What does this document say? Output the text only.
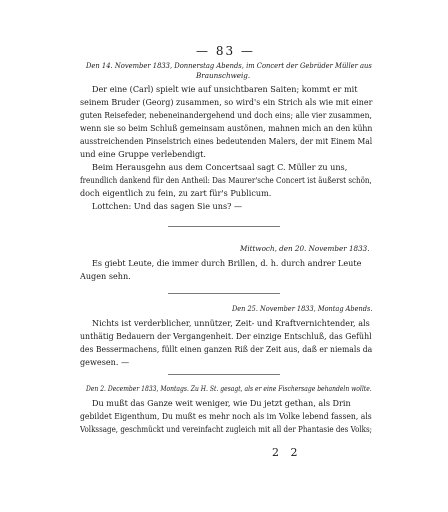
— 83 —
Den 14. November 1833, Donnerstag Abends, im Concert der Gebrüder Müller aus
Braunschweig.
Der eine (Carl) spielt wie auf unsichtbaren Saiten; kommt er mit
seinem Bruder (Georg) zusammen, so wird's ein Strich als wie mit einer
guten Reisefeder, nebeneinandergehend und doch eins; alle vier zusammen,
wenn sie so beim Schluß gemeinsam austönen, mahnen mich an den kühn
ausstreichenden Pinselstrich eines bedeutenden Malers, der mit Einem Mal
und eine Gruppe verlebendigt.
Beim Herausgehn aus dem Concertsaal sagt C. Müller zu uns,
freundlich dankend für den Antheil: Das Maurer'sche Concert ist äußerst schön,
doch eigentlich zu fein, zu zart für's Publicum.
Lottchen: Und das sagen Sie uns? —
Mittwoch, den 20. November 1833.
Es giebt Leute, die immer durch Brillen, d. h. durch andrer Leute
Augen sehn.
Den 25. November 1833, Montag Abends.
Nichts ist verderblicher, unnützer, Zeit- und Kraftvernichtender, als
unthätig Bedauern der Vergangenheit. Der einzige Entschluß, das Gefühl
des Bessermachens, füllt einen ganzen Riß der Zeit aus, daß er niemals da
gewesen. —
Den 2. December 1833, Montags. Zu H. St. gesagt, als er eine Fischersage behandeln wollte.
Du mußt das Ganze weit weniger, wie Du jetzt gethan, als Drin
gebildet Eigenthum, Du mußt es mehr noch als im Volke lebend fassen, als
Volkssage, geschmückt und vereinfacht zugleich mit all der Phantasie des Volks;
2 2
